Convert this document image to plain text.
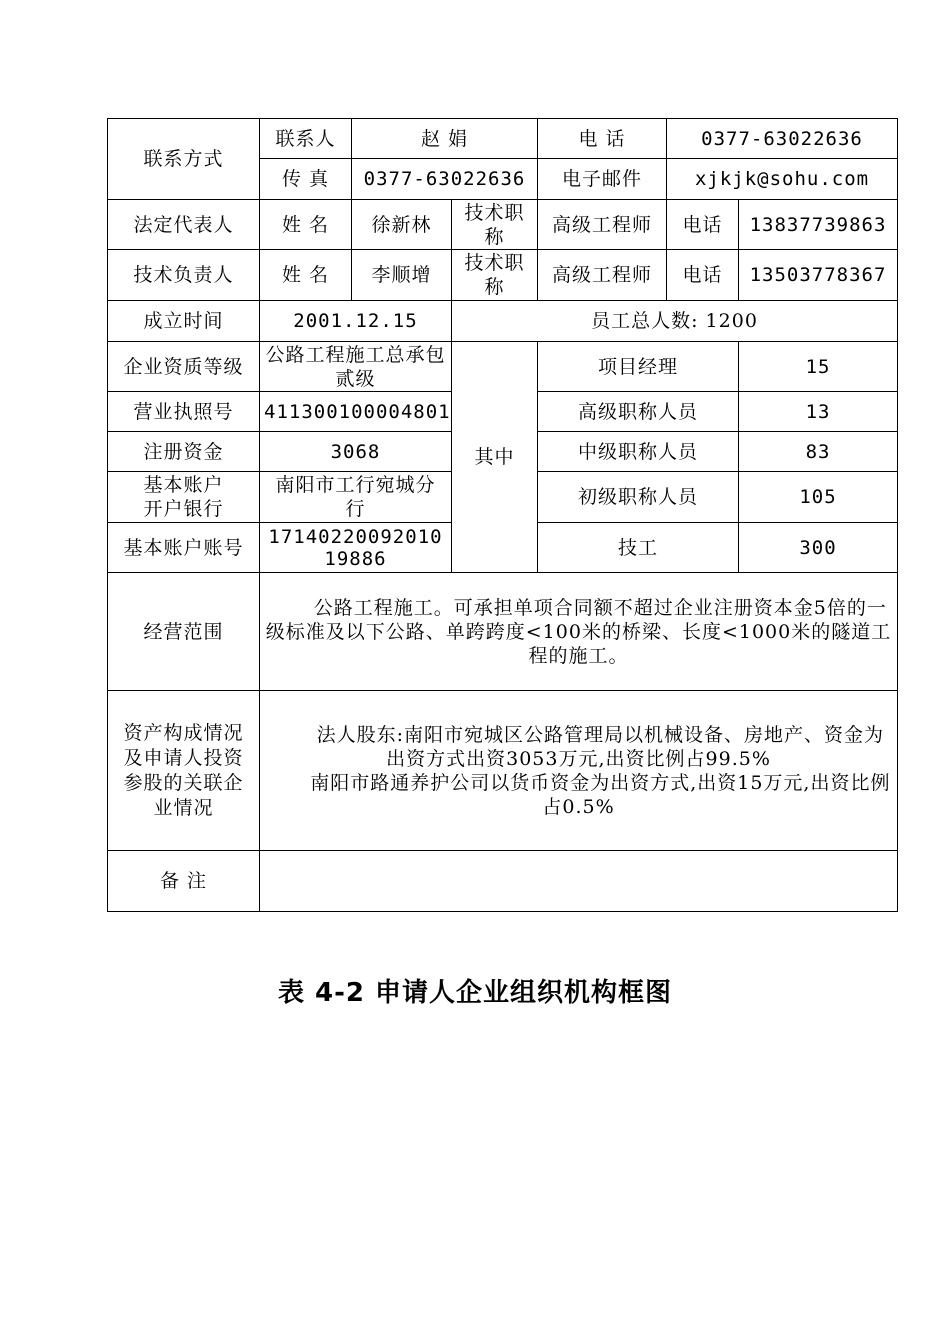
联系方式	联系人	赵 娟		电 话	0377-63022636	
	传 真	0377-63022636		电子邮件	xjkjk@sohu.com	
法定代表人	姓 名	徐新林	技术职称	高级工程师	电话	13837739863
技术负责人	姓 名	李顺增	技术职称	高级工程师	电话	13503778367
成立时间	2001.12.15		员工总人数: 1200			
企业资质等级	公路工程施工总承包贰级		其中	项目经理		15
营业执照号	411300100004801			高级职称人员		13
注册资金	3068			中级职称人员		83
基本账户开户银行	南阳市工行宛城分行			初级职称人员		105
基本账户账号	1714022009201019886			技工		300
经营范围	公路工程施工。可承担单项合同额不超过企业注册资本金5倍的一级标准及以下公路、单跨跨度<100米的桥梁、长度<1000米的隧道工程的施工。					

资产构成情况及申请人投资参股的关联企业情况	法人股东:南阳市宛城区公路管理局以机械设备、房地产、资金为出资方式出资3053万元,出资比例占99.5%

南阳市路通养护公司以货币资金为出资方式,出资15万元,出资比例占0.5%					

备 注						
表 4-2 申请人企业组织机构框图
